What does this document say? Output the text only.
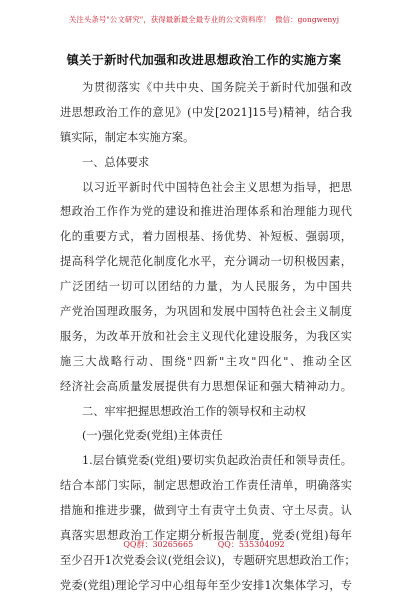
关注头条号"公文研究"，获得最新最全最专业的公文资料库！ 微信：gongwenyj
镇关于新时代加强和改进思想政治工作的实施方案
为贯彻落实《中共中央、国务院关于新时代加强和改
进思想政治工作的意见》(中发[2021]15号)精神，结合我
镇实际，制定本实施方案。
一、总体要求
以习近平新时代中国特色社会主义思想为指导，把思
想政治工作作为党的建设和推进治理体系和治理能力现代
化的重要方式，着力固根基、扬优势、补短板、强弱项，
提高科学化规范化制度化水平，充分调动一切积极因素，
广泛团结一切可以团结的力量，为人民服务，为中国共
产党治国理政服务，为巩固和发展中国特色社会主义制度
服务，为改革开放和社会主义现代化建设服务，为我区实
施三大战略行动、围绕"四新"主攻"四化"、推动全区
经济社会高质量发展提供有力思想保证和强大精神动力。
二、牢牢把握思想政治工作的领导权和主动权
(一)强化党委(党组)主体责任
1.层台镇党委(党组)要切实负起政治责任和领导责任。
结合本部门实际，制定思想政治工作责任清单，明确落实
措施和推进步骤，做到守土有责守土负责、守土尽责。认
真落实思想政治工作定期分析报告制度，党委(党组)每年
至少召开1次党委会议(党组会议)，专题研究思想政治工作；
党委(党组)理论学习中心组每年至少安排1次集体学习，专
QQ群：30265665	QQ：535304092
